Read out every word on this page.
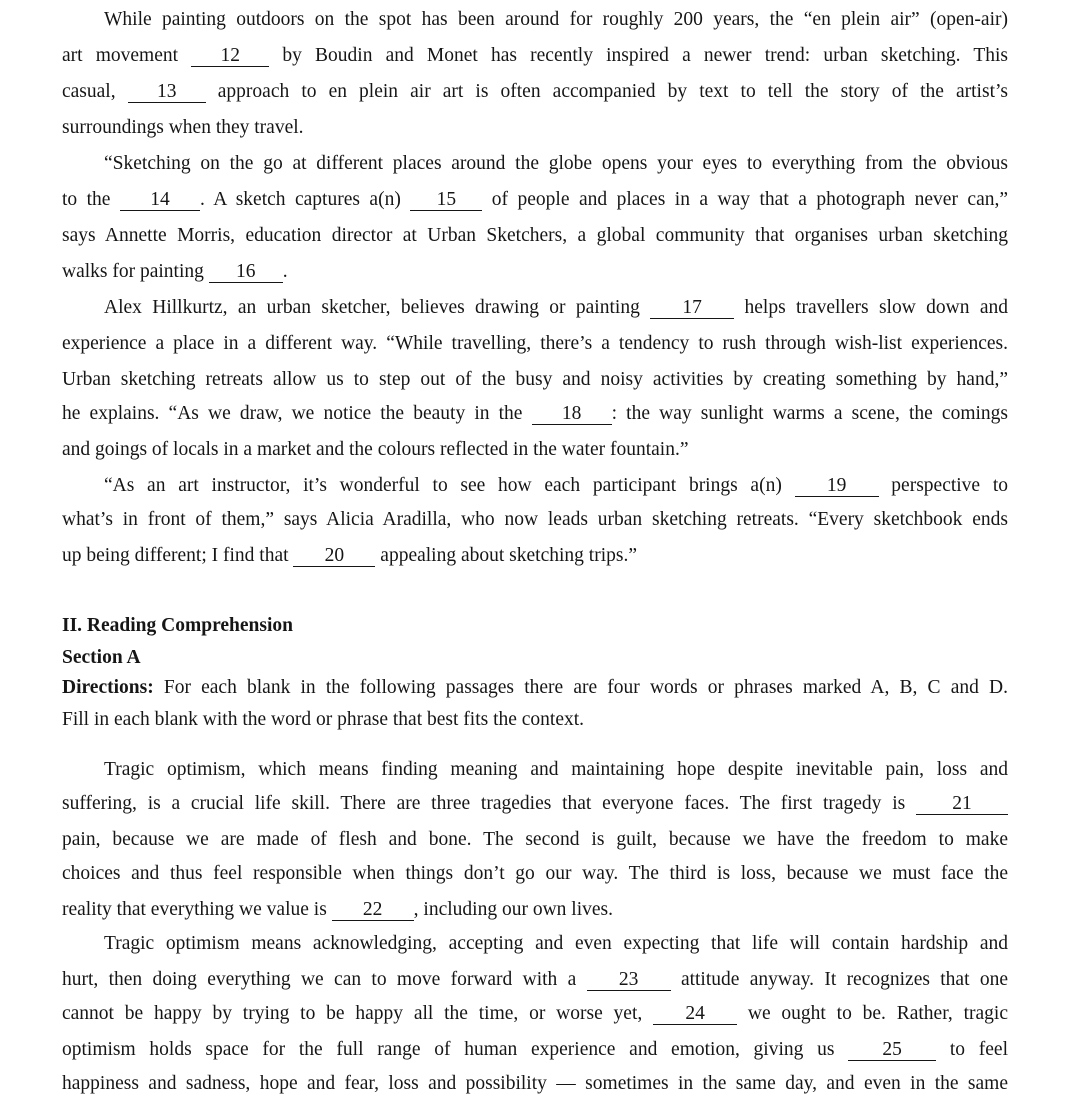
While painting outdoors on the spot has been around for roughly 200 years, the “en plein air” (open-air)
art movement 12 by Boudin and Monet has recently inspired a newer trend: urban sketching. This
casual, 13 approach to en plein air art is often accompanied by text to tell the story of the artist’s
surroundings when they travel.
“Sketching on the go at different places around the globe opens your eyes to everything from the obvious
to the 14 . A sketch captures a(n) 15 of people and places in a way that a photograph never can,”
says Annette Morris, education director at Urban Sketchers, a global community that organises urban sketching
walks for painting 16 .
Alex Hillkurtz, an urban sketcher, believes drawing or painting 17 helps travellers slow down and
experience a place in a different way. “While travelling, there’s a tendency to rush through wish-list experiences.
Urban sketching retreats allow us to step out of the busy and noisy activities by creating something by hand,”
he explains. “As we draw, we notice the beauty in the 18 : the way sunlight warms a scene, the comings
and goings of locals in a market and the colours reflected in the water fountain.”
“As an art instructor, it’s wonderful to see how each participant brings a(n) 19 perspective to
what’s in front of them,” says Alicia Aradilla, who now leads urban sketching retreats. “Every sketchbook ends
up being different; I find that 20 appealing about sketching trips.”
II. Reading Comprehension
Section A
Directions: For each blank in the following passages there are four words or phrases marked A, B, C and D.
Fill in each blank with the word or phrase that best fits the context.
Tragic optimism, which means finding meaning and maintaining hope despite inevitable pain, loss and
suffering, is a crucial life skill. There are three tragedies that everyone faces. The first tragedy is 21
pain, because we are made of flesh and bone. The second is guilt, because we have the freedom to make
choices and thus feel responsible when things don’t go our way. The third is loss, because we must face the
reality that everything we value is 22 , including our own lives.
Tragic optimism means acknowledging, accepting and even expecting that life will contain hardship and
hurt, then doing everything we can to move forward with a 23 attitude anyway. It recognizes that one
cannot be happy by trying to be happy all the time, or worse yet, 24 we ought to be. Rather, tragic
optimism holds space for the full range of human experience and emotion, giving us 25 to feel
happiness and sadness, hope and fear, loss and possibility — sometimes in the same day, and even in the same
